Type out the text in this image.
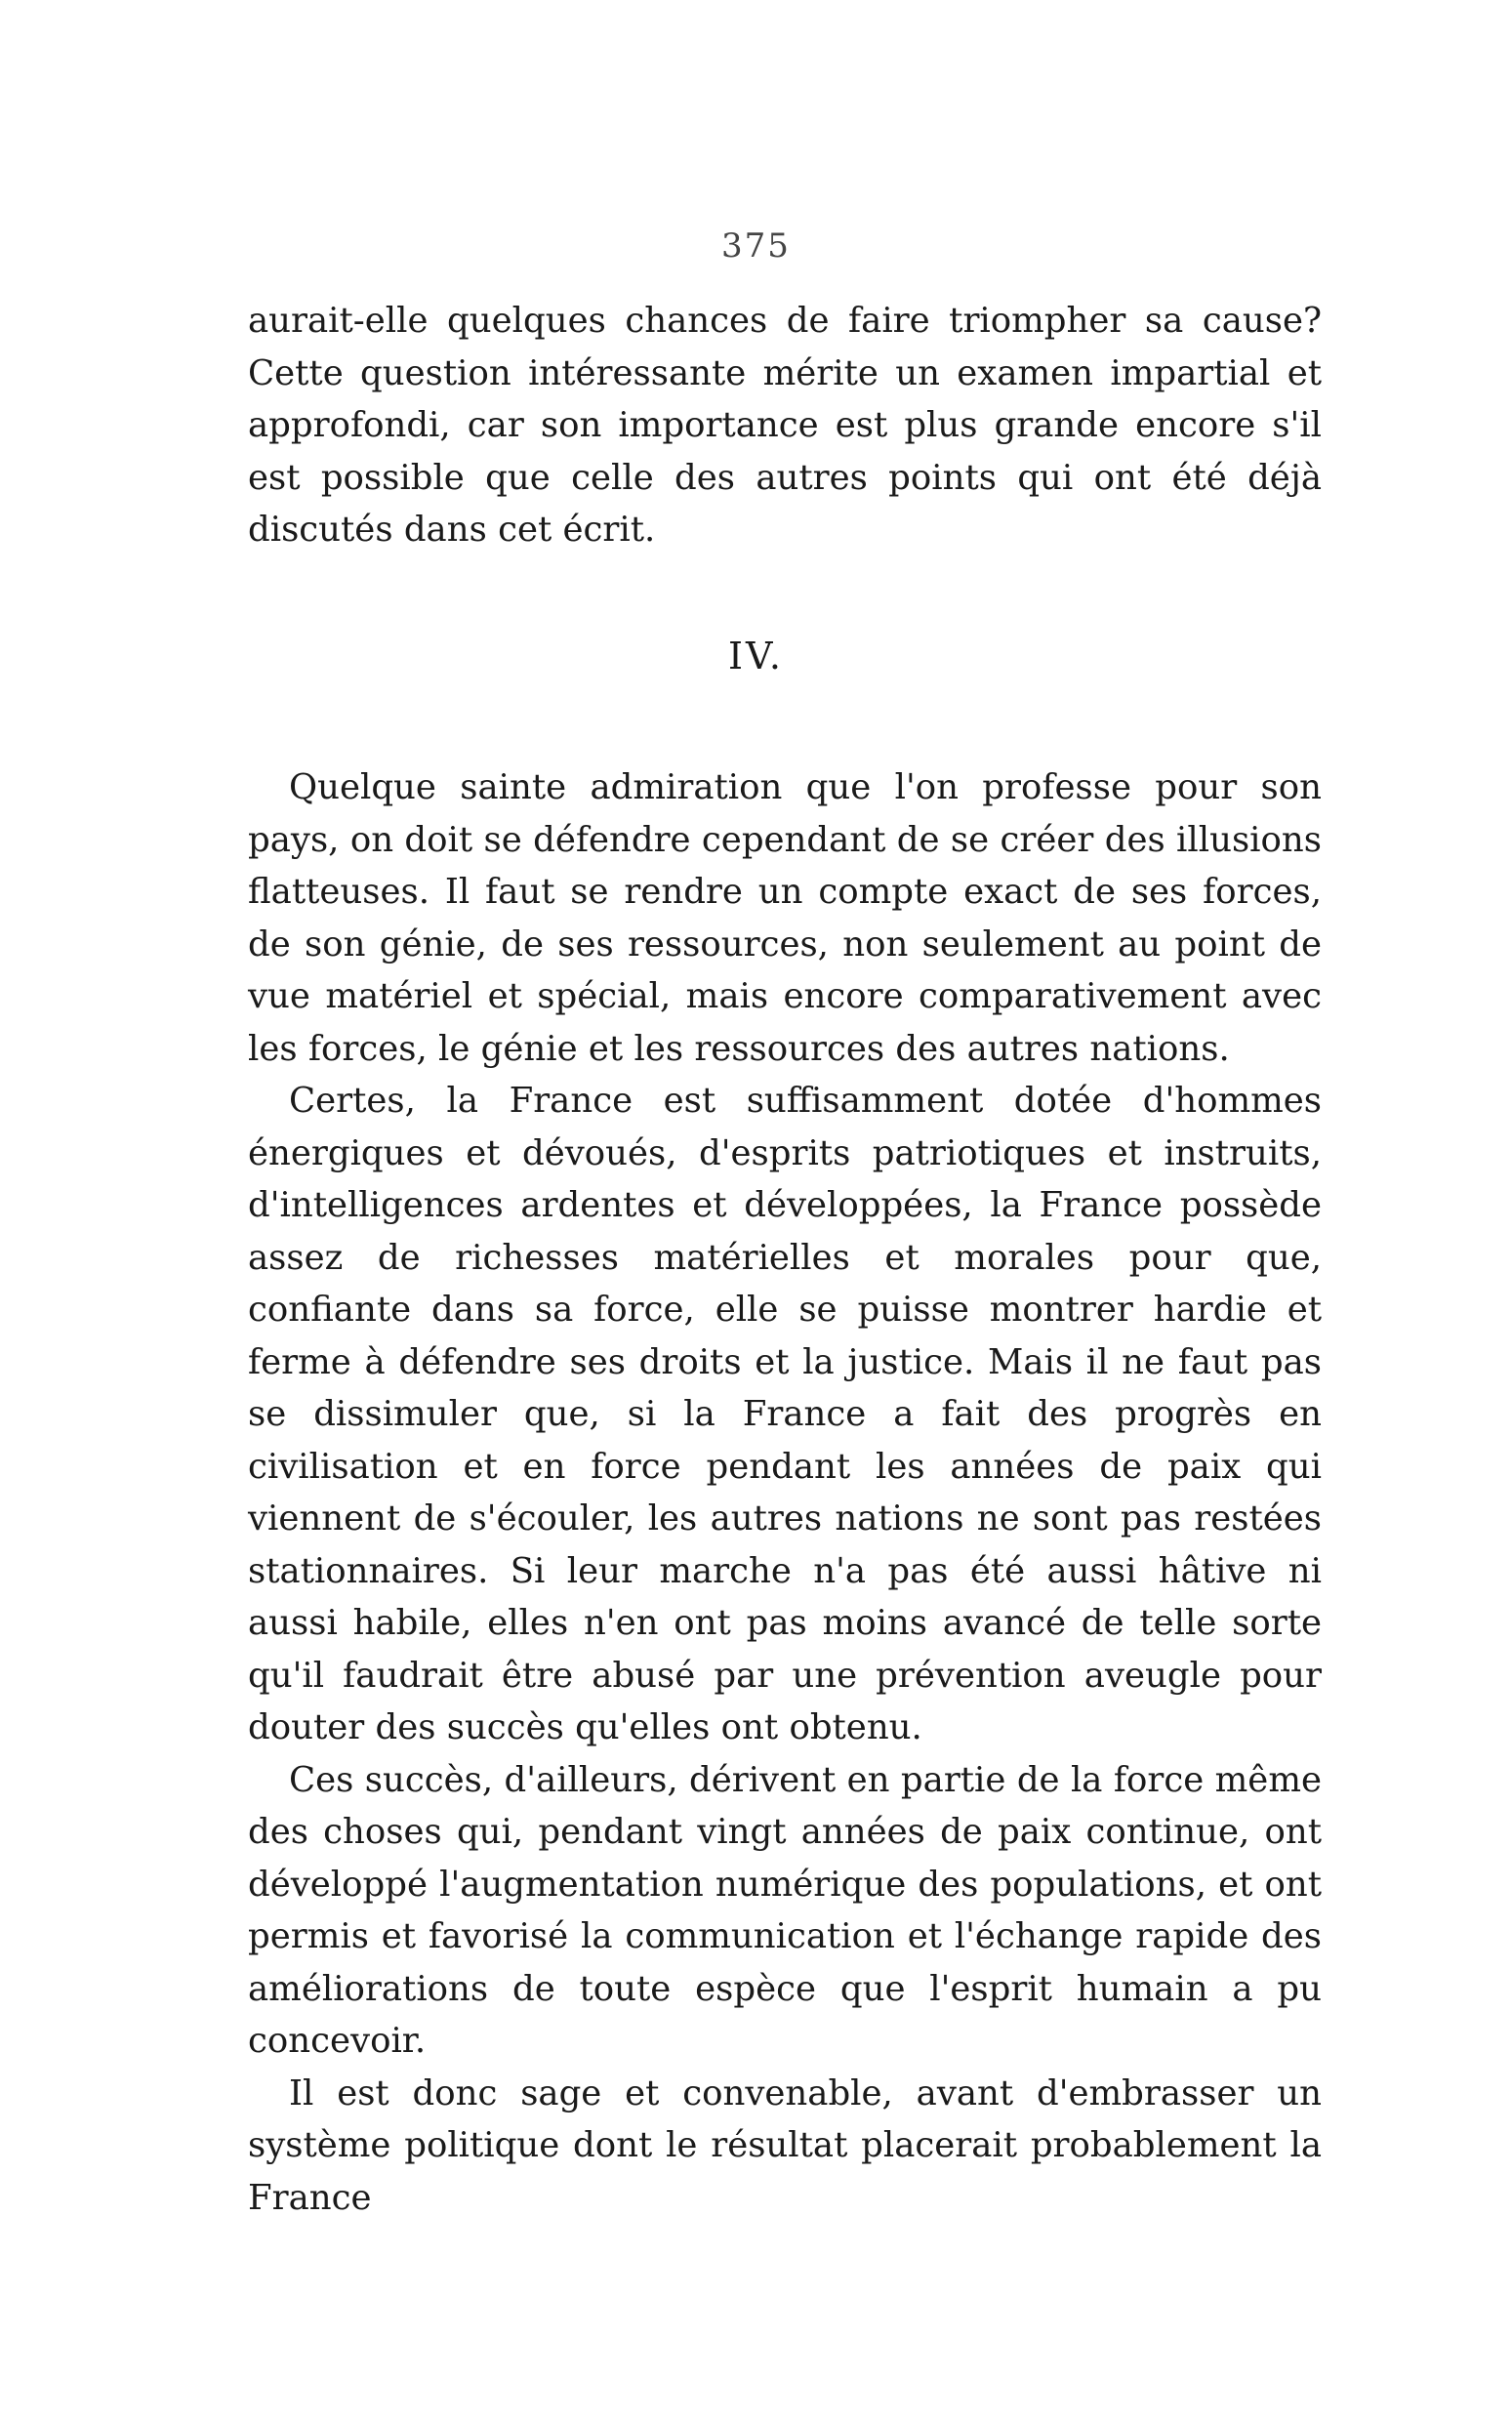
375

aurait-elle quelques chances de faire triompher sa cause? Cette question intéressante mérite un examen impartial et approfondi, car son importance est plus grande encore s'il est possible que celle des autres points qui ont été déjà discutés dans cet écrit.

IV.

Quelque sainte admiration que l'on professe pour son pays, on doit se défendre cependant de se créer des illusions flatteuses. Il faut se rendre un compte exact de ses forces, de son génie, de ses ressources, non seulement au point de vue matériel et spécial, mais encore comparativement avec les forces, le génie et les ressources des autres nations.

Certes, la France est suffisamment dotée d'hommes énergiques et dévoués, d'esprits patriotiques et instruits, d'intelligences ardentes et développées, la France possède assez de richesses matérielles et morales pour que, confiante dans sa force, elle se puisse montrer hardie et ferme à défendre ses droits et la justice. Mais il ne faut pas se dissimuler que, si la France a fait des progrès en civilisation et en force pendant les années de paix qui viennent de s'écouler, les autres nations ne sont pas restées stationnaires. Si leur marche n'a pas été aussi hâtive ni aussi habile, elles n'en ont pas moins avancé de telle sorte qu'il faudrait être abusé par une prévention aveugle pour douter des succès qu'elles ont obtenu.

Ces succès, d'ailleurs, dérivent en partie de la force même des choses qui, pendant vingt années de paix continue, ont développé l'augmentation numérique des populations, et ont permis et favorisé la communication et l'échange rapide des améliorations de toute espèce que l'esprit humain a pu concevoir.

Il est donc sage et convenable, avant d'embrasser un système politique dont le résultat placerait probablement la France
